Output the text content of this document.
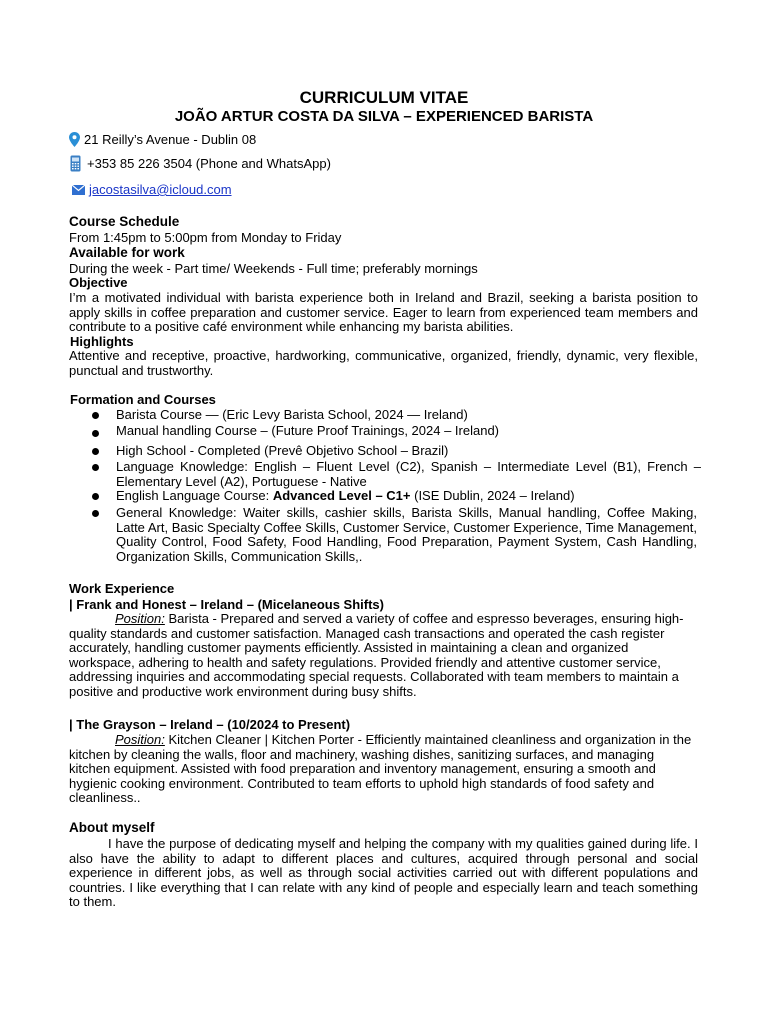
CURRICULUM VITAE
JOÃO ARTUR COSTA DA SILVA – EXPERIENCED BARISTA
21 Reilly’s Avenue - Dublin 08
+353 85 226 3504 (Phone and WhatsApp)
jacostasilva@icloud.com
Course Schedule
From 1:45pm to 5:00pm from Monday to Friday
Available for work
During the week - Part time/ Weekends - Full time; preferably mornings
Objective
I’m a motivated individual with barista experience both in Ireland and Brazil, seeking a barista position to apply skills in coffee preparation and customer service. Eager to learn from experienced team members and contribute to a positive café environment while enhancing my barista abilities.
Highlights
Attentive and receptive, proactive, hardworking, communicative, organized, friendly, dynamic, very flexible, punctual and trustworthy.
Formation and Courses
Barista Course — (Eric Levy Barista School, 2024 — Ireland)
Manual handling Course – (Future Proof Trainings, 2024 – Ireland)
High School - Completed (Prevê Objetivo School – Brazil)
Language Knowledge: English – Fluent Level (C2), Spanish – Intermediate Level (B1), French – Elementary Level (A2), Portuguese - Native
English Language Course: Advanced Level – C1+ (ISE Dublin, 2024 – Ireland)
General Knowledge: Waiter skills, cashier skills, Barista Skills, Manual handling, Coffee Making, Latte Art, Basic Specialty Coffee Skills, Customer Service, Customer Experience, Time Management, Quality Control, Food Safety, Food Handling, Food Preparation, Payment System, Cash Handling, Organization Skills, Communication Skills,.
Work Experience
| Frank and Honest – Ireland – (Micelaneous Shifts)
Position: Barista - Prepared and served a variety of coffee and espresso beverages, ensuring high-quality standards and customer satisfaction. Managed cash transactions and operated the cash register accurately, handling customer payments efficiently. Assisted in maintaining a clean and organized workspace, adhering to health and safety regulations. Provided friendly and attentive customer service, addressing inquiries and accommodating special requests. Collaborated with team members to maintain a positive and productive work environment during busy shifts.
| The Grayson – Ireland – (10/2024 to Present)
Position: Kitchen Cleaner | Kitchen Porter - Efficiently maintained cleanliness and organization in the kitchen by cleaning the walls, floor and machinery, washing dishes, sanitizing surfaces, and managing kitchen equipment. Assisted with food preparation and inventory management, ensuring a smooth and hygienic cooking environment. Contributed to team efforts to uphold high standards of food safety and cleanliness..
About myself
I have the purpose of dedicating myself and helping the company with my qualities gained during life. I also have the ability to adapt to different places and cultures, acquired through personal and social experience in different jobs, as well as through social activities carried out with different populations and countries. I like everything that I can relate with any kind of people and especially learn and teach something to them.
